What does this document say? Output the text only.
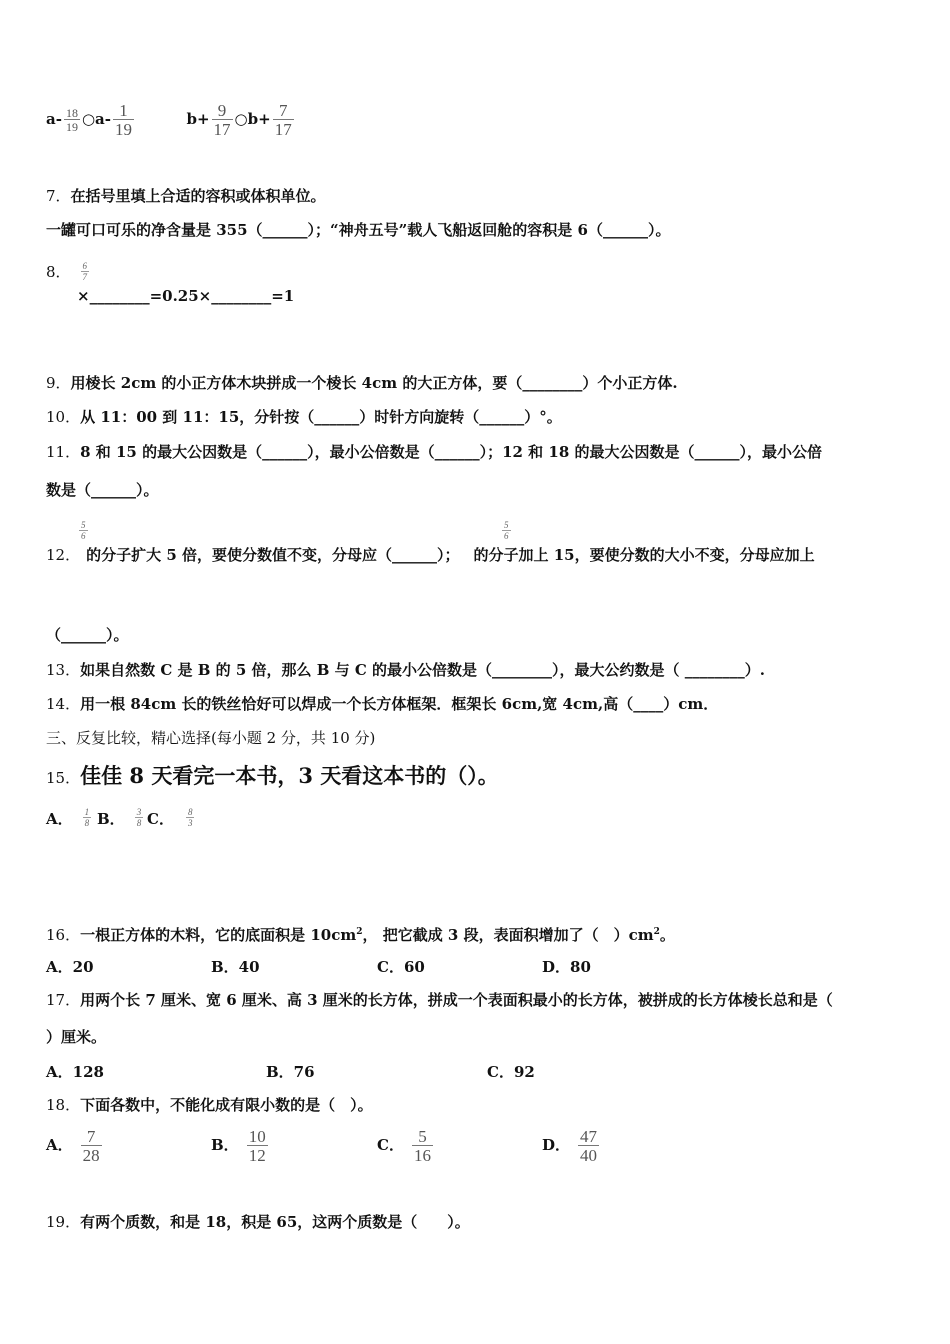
$a- \frac{18}{19}$ ○a- $\frac{1}{19}$	$b+ \frac{9}{17}$ ○b+ $\frac{7}{17}$
7．在括号里填上合适的容积或体积单位。
一罐可口可乐的净含量是 355（______）；“神舟五号”载人飞船返回舱的容积是 6（______）。
8． $\frac{6}{7}$
×________=0.25×________=1
9．用棱长 2cm 的小正方体木块拼成一个棱长 4cm 的大正方体，要（________）个小正方体.
10．从 11：00 到 11：15，分针按（______）时针方向旋转（______）°。
11．8 和 15 的最大公因数是（______），最小公倍数是（______）；12 和 18 的最大公因数是（______），最小公倍
数是（______）。
$\frac{5}{6}$	$\frac{5}{6}$
12． 的分子扩大 5 倍，要使分数值不变，分母应（______）； 的分子加上 15，要使分数的大小不变，分母应加上
（______）。
13．如果自然数 C 是 B 的 5 倍，那么 B 与 C 的最小公倍数是（________），最大公约数是（ ________）.
14．用一根 84cm 长的铁丝恰好可以焊成一个长方体框架．框架长 6cm,宽 4cm,高（____）cm．
三、反复比较，精心选择(每小题 2 分，共 10 分)
15．佳佳 8 天看完一本书，3 天看这本书的（）。
A． $\frac{1}{8}$ B． $\frac{3}{8}$ C． $\frac{8}{3}$
16．一根正方体的木料，它的底面积是 $10cm^2$， 把它截成 3 段，表面积增加了（　）$cm^2$。
A．20	B．40	C．60	D．80
17．用两个长 7 厘米、宽 6 厘米、高 3 厘米的长方体，拼成一个表面积最小的长方体，被拼成的长方体棱长总和是（
）厘米。
A．128	B．76	C．92
18．下面各数中，不能化成有限小数的是（　）。
A． $\frac{7}{28}$	B． $\frac{10}{12}$	C． $\frac{5}{16}$	D． $\frac{47}{40}$
19．有两个质数，和是 18，积是 65，这两个质数是（　　）。
